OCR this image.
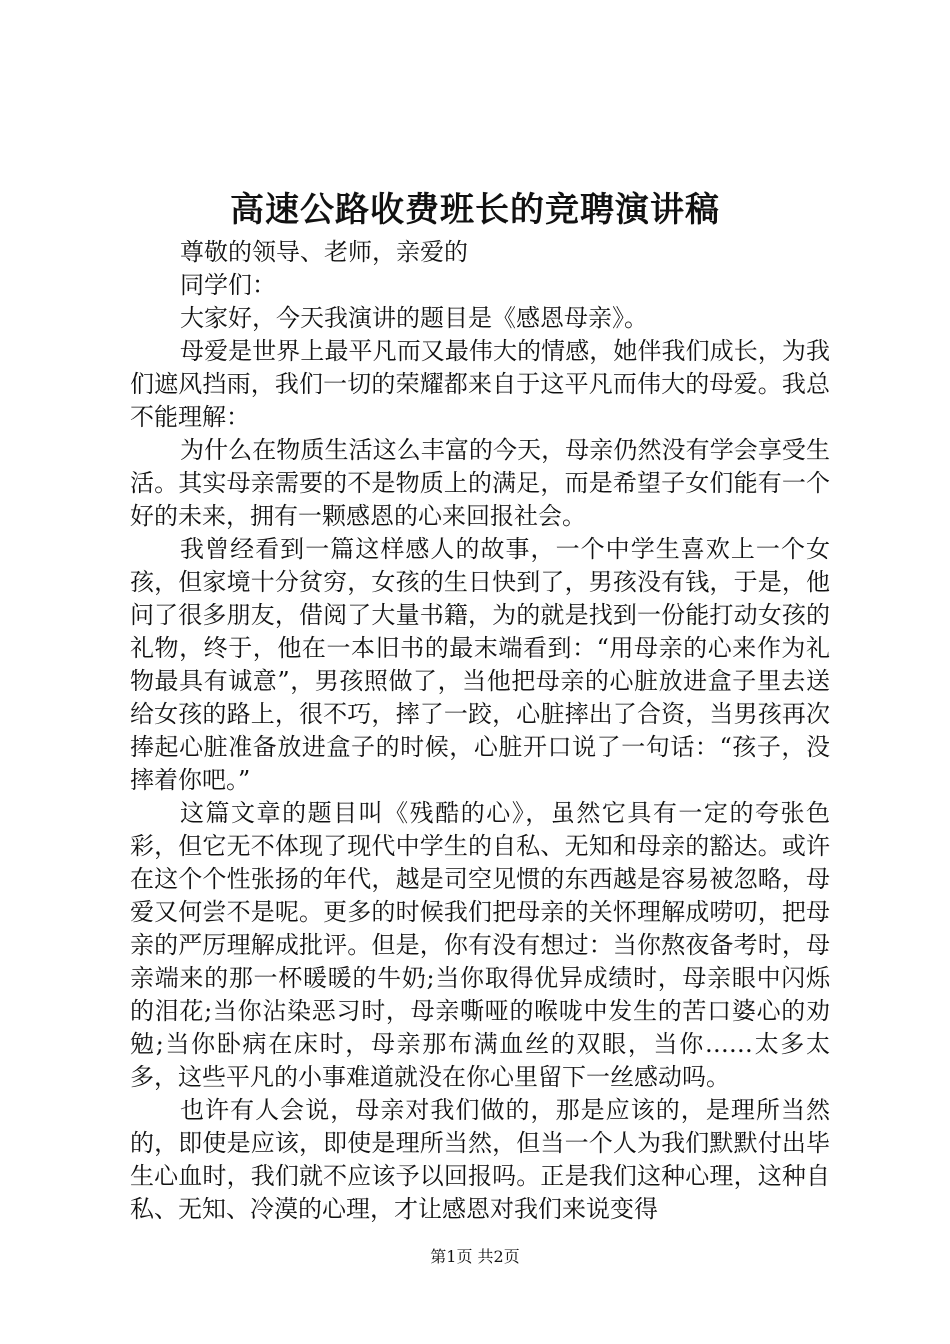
高速公路收费班长的竞聘演讲稿

尊敬的领导、老师，亲爱的

同学们：

大家好，今天我演讲的题目是《感恩母亲》。

母爱是世界上最平凡而又最伟大的情感，她伴我们成长，为我们遮风挡雨，我们一切的荣耀都来自于这平凡而伟大的母爱。我总不能理解：

为什么在物质生活这么丰富的今天，母亲仍然没有学会享受生活。其实母亲需要的不是物质上的满足，而是希望子女们能有一个好的未来，拥有一颗感恩的心来回报社会。

我曾经看到一篇这样感人的故事，一个中学生喜欢上一个女孩，但家境十分贫穷，女孩的生日快到了，男孩没有钱，于是，他问了很多朋友，借阅了大量书籍，为的就是找到一份能打动女孩的礼物，终于，他在一本旧书的最末端看到：“用母亲的心来作为礼物最具有诚意”，男孩照做了，当他把母亲的心脏放进盒子里去送给女孩的路上，很不巧，摔了一跤，心脏摔出了合资，当男孩再次捧起心脏准备放进盒子的时候，心脏开口说了一句话：“孩子，没摔着你吧。”

这篇文章的题目叫《残酷的心》，虽然它具有一定的夸张色彩，但它无不体现了现代中学生的自私、无知和母亲的豁达。或许在这个个性张扬的年代，越是司空见惯的东西越是容易被忽略，母爱又何尝不是呢。更多的时候我们把母亲的关怀理解成唠叨，把母亲的严厉理解成批评。但是，你有没有想过：当你熬夜备考时，母亲端来的那一杯暖暖的牛奶;当你取得优异成绩时，母亲眼中闪烁的泪花;当你沾染恶习时，母亲嘶哑的喉咙中发生的苦口婆心的劝勉;当你卧病在床时，母亲那布满血丝的双眼，当你……太多太多，这些平凡的小事难道就没在你心里留下一丝感动吗。

也许有人会说，母亲对我们做的，那是应该的，是理所当然的，即使是应该，即使是理所当然，但当一个人为我们默默付出毕生心血时，我们就不应该予以回报吗。正是我们这种心理，这种自私、无知、冷漠的心理，才让感恩对我们来说变得

第1页 共2页
